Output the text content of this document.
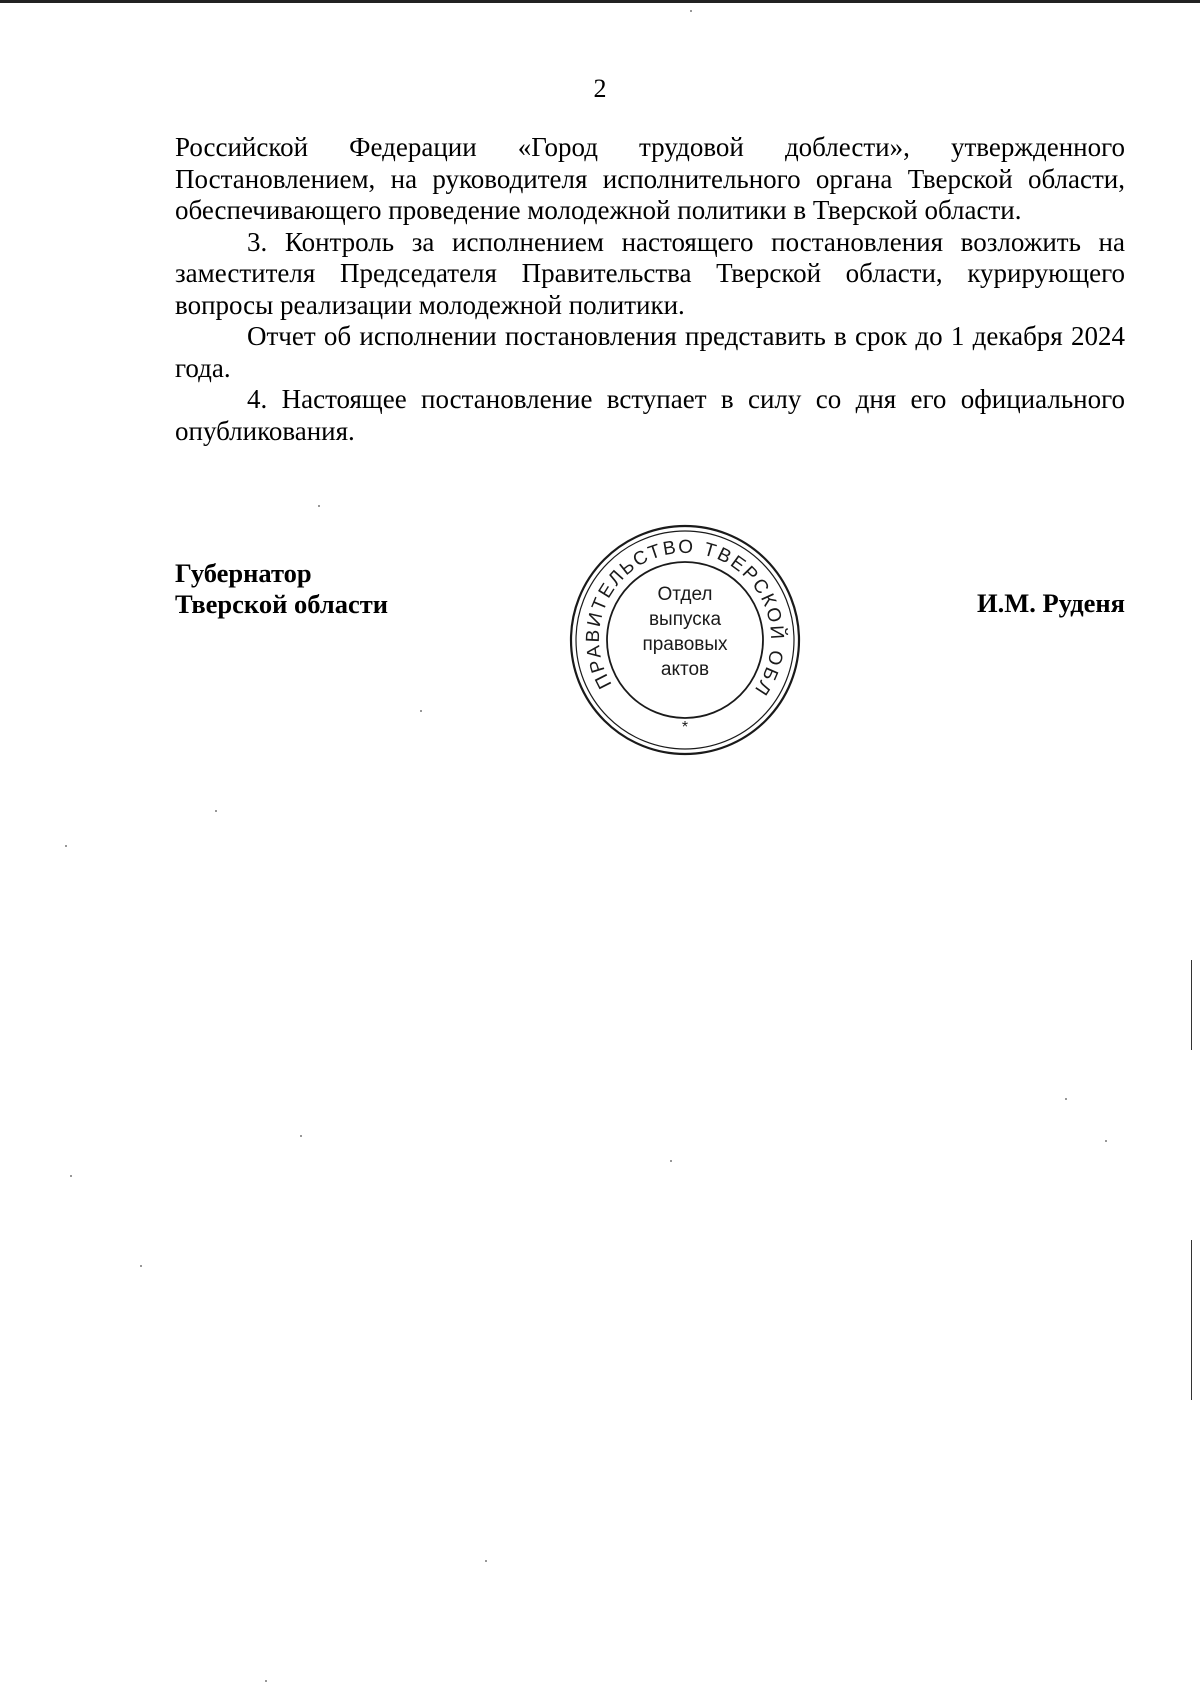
2

Российской Федерации «Город трудовой доблести», утвержденного Постановлением, на руководителя исполнительного органа Тверской области, обеспечивающего проведение молодежной политики в Тверской области.

3. Контроль за исполнением настоящего постановления возложить на заместителя Председателя Правительства Тверской области, курирующего вопросы реализации молодежной политики.

Отчет об исполнении постановления представить в срок до 1 декабря 2024 года.

4. Настоящее постановление вступает в силу со дня его официального опубликования.

Губернатор
Тверской области	И.М. Руденя
ПРАВИТЕЛЬСТВО ТВЕРСКОЙ ОБЛ
*
Отдел
выпуска
правовых
актов
